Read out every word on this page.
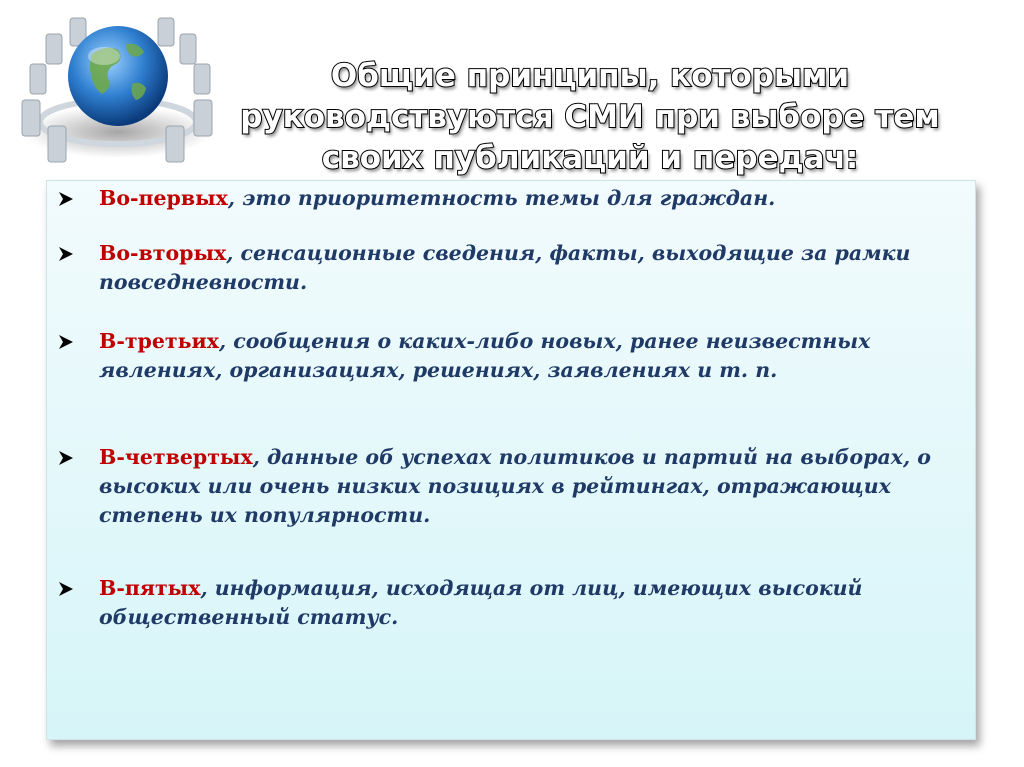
Общие принципы, которыми
руководствуются СМИ при выборе тем
своих публикаций и передач:
Во-первых, это приоритетность темы для граждан.
Во-вторых, сенсационные сведения, факты, выходящие за рамки повседневности.
В-третьих, сообщения о каких-либо новых, ранее неизвестных явлениях, организациях, решениях, заявлениях и т. п.
В-четвертых, данные об успехах политиков и партий на выборах, о высоких или очень низких позициях в рейтингах, отражающих степень их популярности.
В-пятых, информация, исходящая от лиц, имеющих высокий общественный статус.
